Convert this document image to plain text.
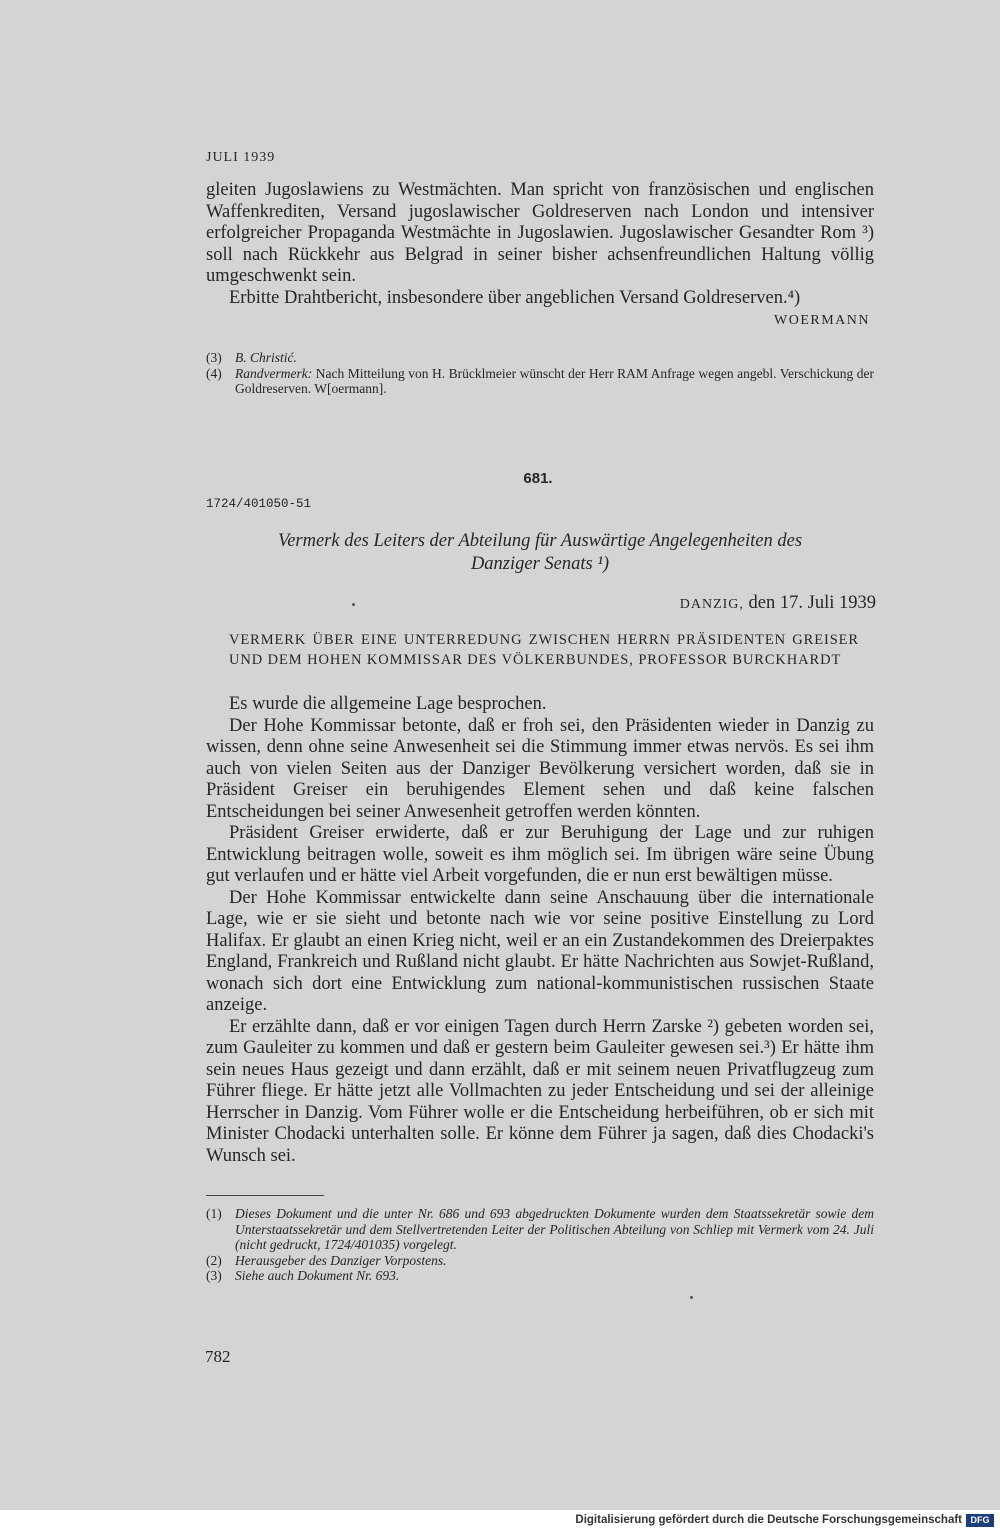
JULI 1939

gleiten Jugoslawiens zu Westmächten. Man spricht von französischen und englischen Waffenkrediten, Versand jugoslawischer Goldreserven nach London und intensiver erfolgreicher Propaganda Westmächte in Jugoslawien. Jugoslawischer Gesandter Rom ³) soll nach Rückkehr aus Belgrad in seiner bisher achsenfreundlichen Haltung völlig umgeschwenkt sein.

Erbitte Drahtbericht, insbesondere über angeblichen Versand Goldreserven.⁴)

WOERMANN
(3) B. Christić.
(4) Randvermerk: Nach Mitteilung von H. Brücklmeier wünscht der Herr RAM Anfrage wegen angebl. Verschickung der Goldreserven. W[oermann].
681.
1724/401050-51
Vermerk des Leiters der Abteilung für Auswärtige Angelegenheiten des
Danziger Senats ¹)
DANZIG, den 17. Juli 1939
VERMERK ÜBER EINE UNTERREDUNG ZWISCHEN HERRN PRÄSIDENTEN GREISER UND DEM HOHEN KOMMISSAR DES VÖLKERBUNDES, PROFESSOR BURCKHARDT

Es wurde die allgemeine Lage besprochen.

Der Hohe Kommissar betonte, daß er froh sei, den Präsidenten wieder in Danzig zu wissen, denn ohne seine Anwesenheit sei die Stimmung immer etwas nervös. Es sei ihm auch von vielen Seiten aus der Danziger Bevölkerung versichert worden, daß sie in Präsident Greiser ein beruhigendes Element sehen und daß keine falschen Entscheidungen bei seiner Anwesenheit getroffen werden könnten.

Präsident Greiser erwiderte, daß er zur Beruhigung der Lage und zur ruhigen Entwicklung beitragen wolle, soweit es ihm möglich sei. Im übrigen wäre seine Übung gut verlaufen und er hätte viel Arbeit vorgefunden, die er nun erst bewältigen müsse.

Der Hohe Kommissar entwickelte dann seine Anschauung über die internationale Lage, wie er sie sieht und betonte nach wie vor seine positive Einstellung zu Lord Halifax. Er glaubt an einen Krieg nicht, weil er an ein Zustandekommen des Dreierpaktes England, Frankreich und Rußland nicht glaubt. Er hätte Nachrichten aus Sowjet-Rußland, wonach sich dort eine Entwicklung zum national-kommunistischen russischen Staate anzeige.

Er erzählte dann, daß er vor einigen Tagen durch Herrn Zarske ²) gebeten worden sei, zum Gauleiter zu kommen und daß er gestern beim Gauleiter gewesen sei.³) Er hätte ihm sein neues Haus gezeigt und dann erzählt, daß er mit seinem neuen Privatflugzeug zum Führer fliege. Er hätte jetzt alle Vollmachten zu jeder Entscheidung und sei der alleinige Herrscher in Danzig. Vom Führer wolle er die Entscheidung herbeiführen, ob er sich mit Minister Chodacki unterhalten solle. Er könne dem Führer ja sagen, daß dies Chodacki's Wunsch sei.

(1) Dieses Dokument und die unter Nr. 686 und 693 abgedruckten Dokumente wurden dem Staatssekretär sowie dem Unterstaatssekretär und dem Stellvertretenden Leiter der Politischen Abteilung von Schliep mit Vermerk vom 24. Juli (nicht gedruckt, 1724/401035) vorgelegt.
(2) Herausgeber des Danziger Vorpostens.
(3) Siehe auch Dokument Nr. 693.
782
Digitalisierung gefördert durch die Deutsche Forschungsgemeinschaft DFG
